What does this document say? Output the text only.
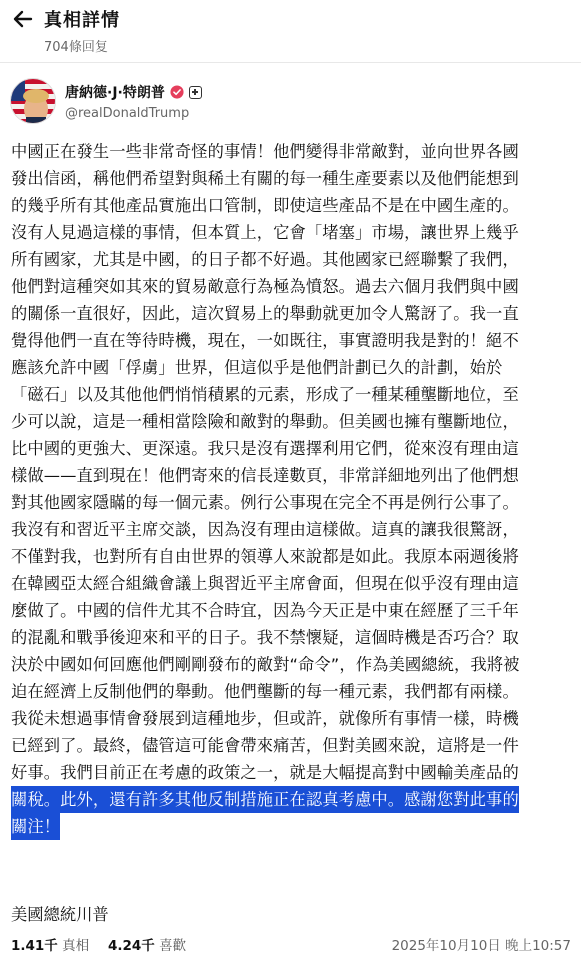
真相詳情
704條回复
唐納德·J·特朗普
@realDonaldTrump
中國正在發生一些非常奇怪的事情！他們變得非常敵對，並向世界各國
發出信函，稱他們希望對與稀土有關的每一種生產要素以及他們能想到
的幾乎所有其他產品實施出口管制，即使這些產品不是在中國生產的。
沒有人見過這樣的事情，但本質上，它會「堵塞」市場，讓世界上幾乎
所有國家，尤其是中國，的日子都不好過。其他國家已經聯繫了我們，
他們對這種突如其來的貿易敵意行為極為憤怒。過去六個月我們與中國
的關係一直很好，因此，這次貿易上的舉動就更加令人驚訝了。我一直
覺得他們一直在等待時機，現在，一如既往，事實證明我是對的！絕不
應該允許中國「俘虜」世界，但這似乎是他們計劃已久的計劃，始於
「磁石」以及其他他們悄悄積累的元素，形成了一種某種壟斷地位，至
少可以說，這是一種相當陰險和敵對的舉動。但美國也擁有壟斷地位，
比中國的更強大、更深遠。我只是沒有選擇利用它們，從來沒有理由這
樣做——直到現在！他們寄來的信長達數頁，非常詳細地列出了他們想
對其他國家隱瞞的每一個元素。例行公事現在完全不再是例行公事了。
我沒有和習近平主席交談，因為沒有理由這樣做。這真的讓我很驚訝，
不僅對我，也對所有自由世界的領導人來說都是如此。我原本兩週後將
在韓國亞太經合組織會議上與習近平主席會面，但現在似乎沒有理由這
麼做了。中國的信件尤其不合時宜，因為今天正是中東在經歷了三千年
的混亂和戰爭後迎來和平的日子。我不禁懷疑，這個時機是否巧合？取
決於中國如何回應他們剛剛發布的敵對“命令”，作為美國總統，我將被
迫在經濟上反制他們的舉動。他們壟斷的每一種元素，我們都有兩樣。
我從未想過事情會發展到這種地步，但或許，就像所有事情一樣，時機
已經到了。最終，儘管這可能會帶來痛苦，但對美國來說，這將是一件
好事。我們目前正在考慮的政策之一，就是大幅提高對中國輸美產品的
關稅。此外，還有許多其他反制措施正在認真考慮中。感謝您對此事的
關注！
美國總統川普
1.41千 真相 4.24千 喜歡	2025年10月10日 晚上10:57
